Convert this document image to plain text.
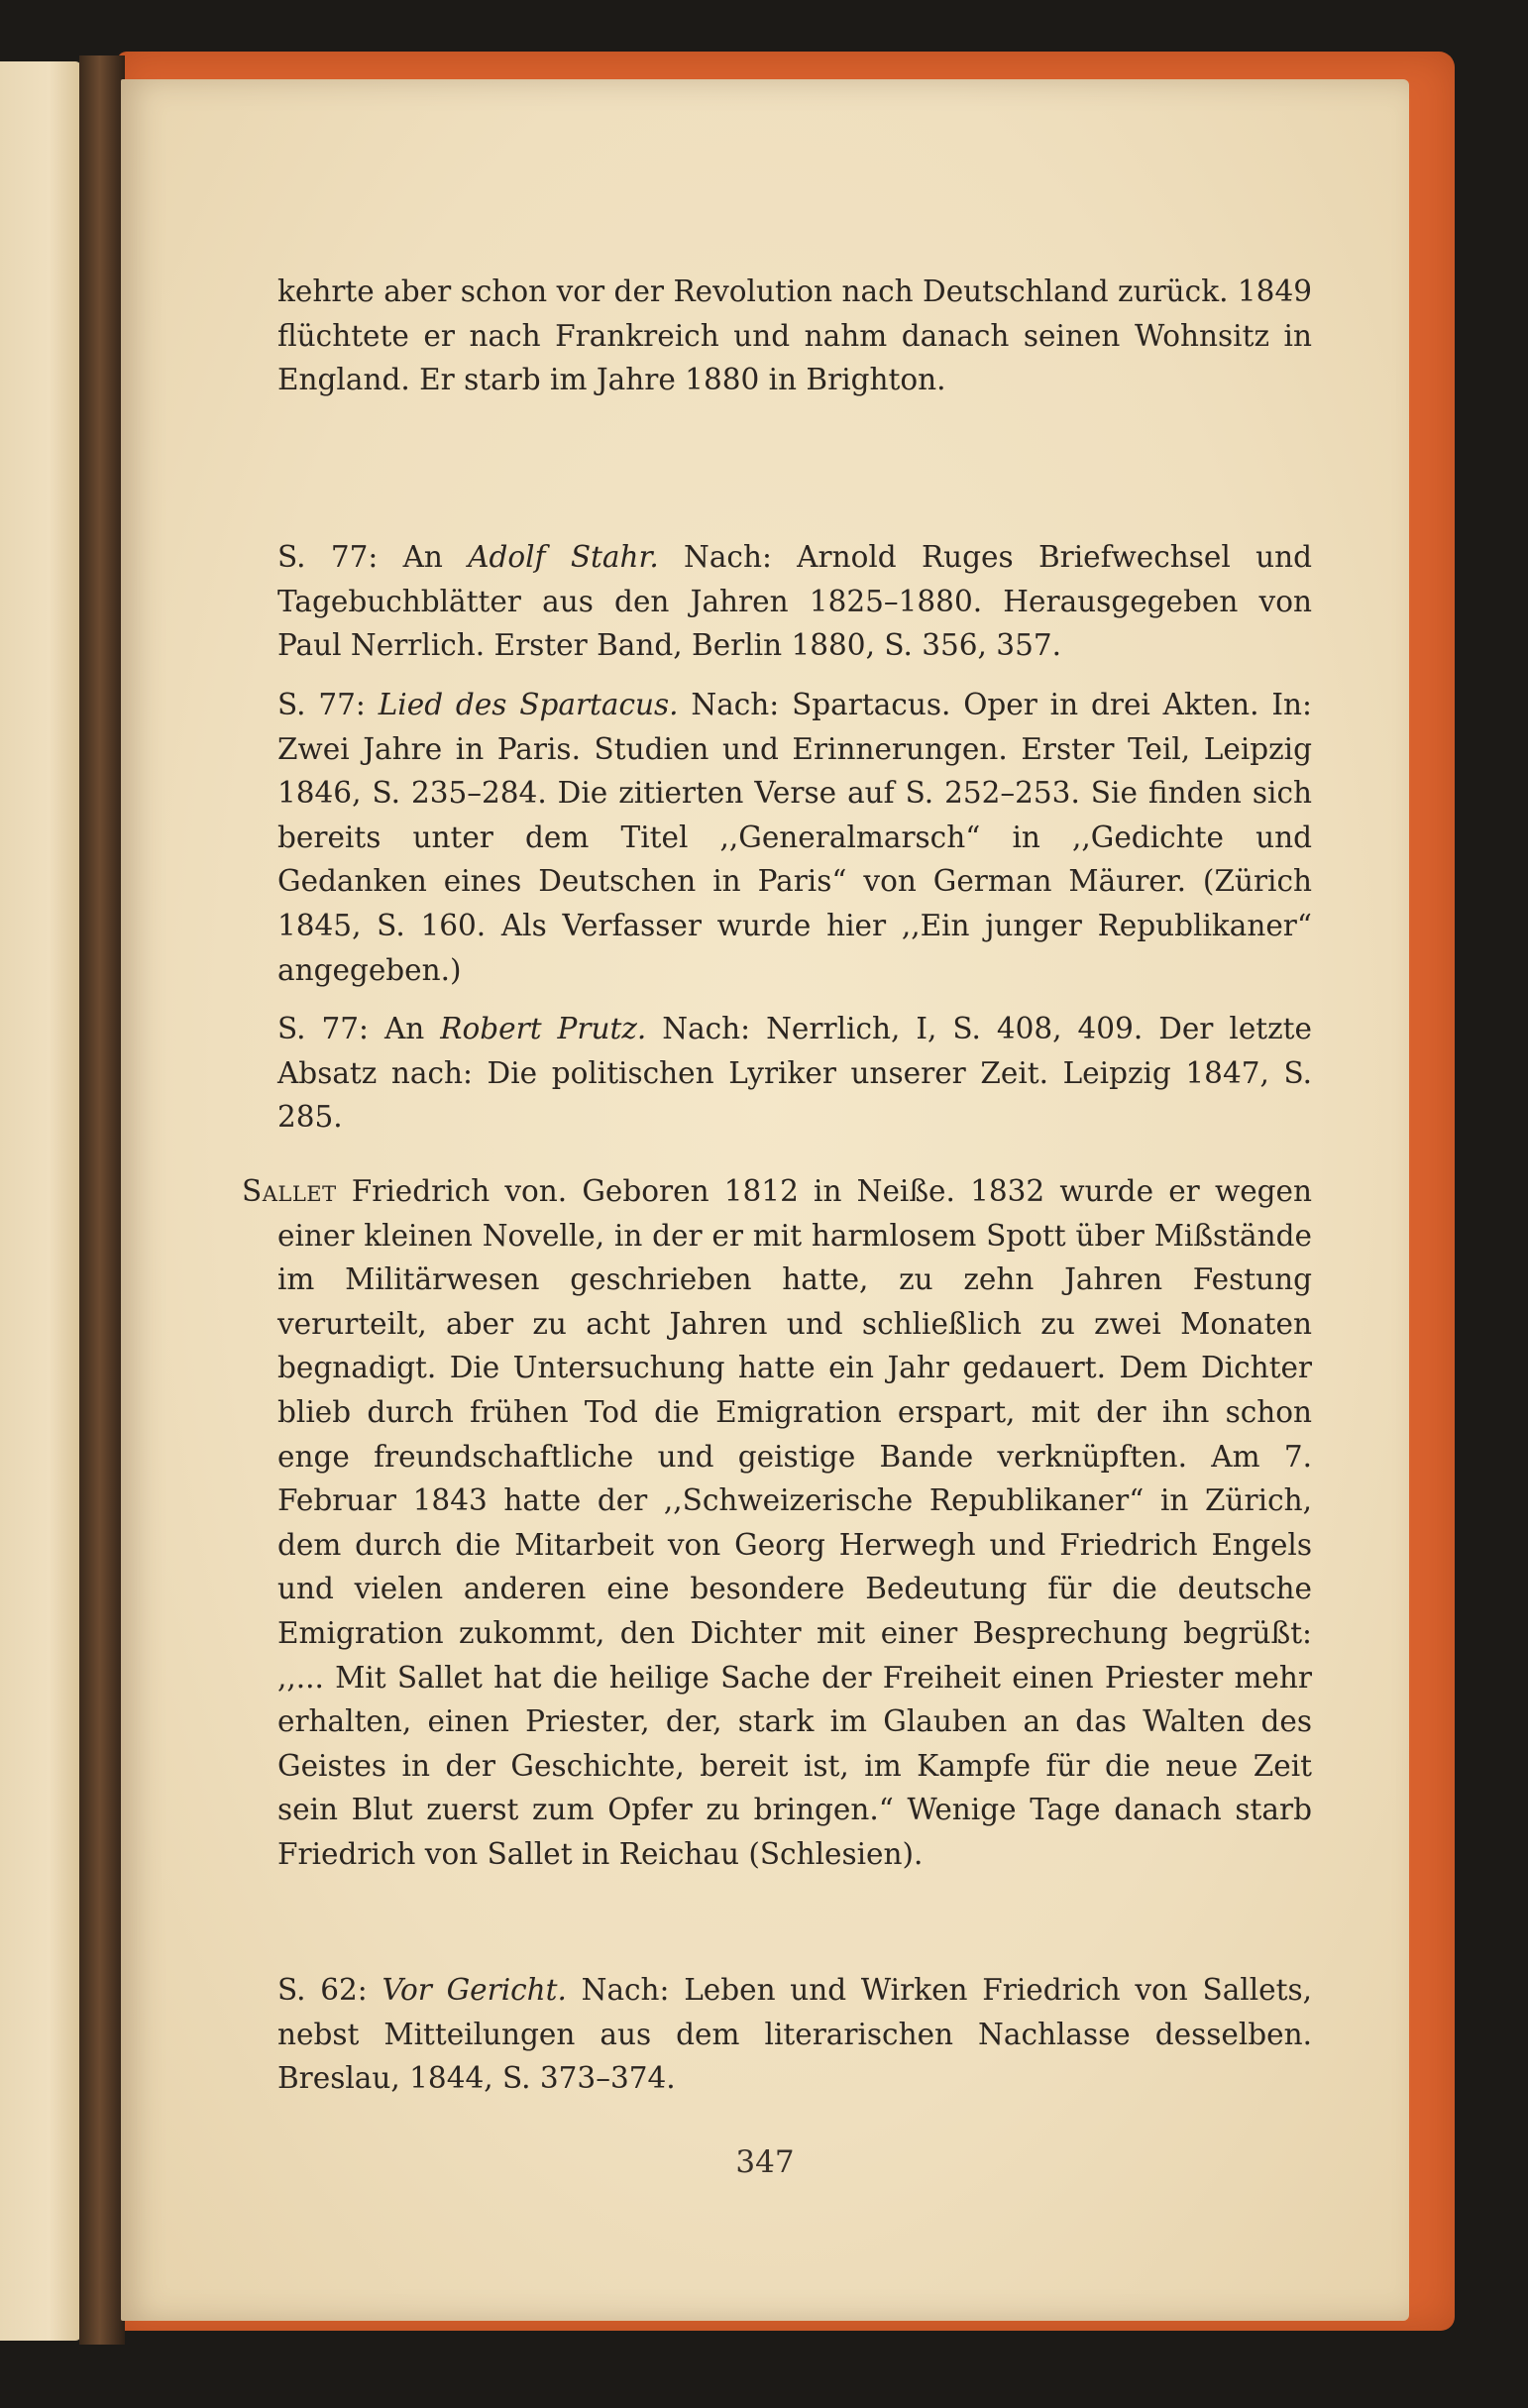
kehrte aber schon vor der Revolution nach Deutschland zurück. 1849 flüchtete er nach Frankreich und nahm danach seinen Wohnsitz in England. Er starb im Jahre 1880 in Brighton.

S. 77: An Adolf Stahr. Nach: Arnold Ruges Briefwechsel und Tagebuchblätter aus den Jahren 1825–1880. Herausgegeben von Paul Nerrlich. Erster Band, Berlin 1880, S. 356, 357.

S. 77: Lied des Spartacus. Nach: Spartacus. Oper in drei Akten. In: Zwei Jahre in Paris. Studien und Erinnerungen. Erster Teil, Leipzig 1846, S. 235–284. Die zitierten Verse auf S. 252–253. Sie finden sich bereits unter dem Titel ,,Generalmarsch“ in ,,Gedichte und Gedanken eines Deutschen in Paris“ von German Mäurer. (Zürich 1845, S. 160. Als Verfasser wurde hier ,,Ein junger Republikaner“ angegeben.)

S. 77: An Robert Prutz. Nach: Nerrlich, I, S. 408, 409. Der letzte Absatz nach: Die politischen Lyriker unserer Zeit. Leipzig 1847, S. 285.

Sallet Friedrich von. Geboren 1812 in Neiße. 1832 wurde er wegen einer kleinen Novelle, in der er mit harmlosem Spott über Mißstände im Militärwesen geschrieben hatte, zu zehn Jahren Festung verurteilt, aber zu acht Jahren und schließlich zu zwei Monaten begnadigt. Die Untersuchung hatte ein Jahr gedauert. Dem Dichter blieb durch frühen Tod die Emigration erspart, mit der ihn schon enge freundschaftliche und geistige Bande verknüpften. Am 7. Februar 1843 hatte der ,,Schweizerische Republikaner“ in Zürich, dem durch die Mitarbeit von Georg Herwegh und Friedrich Engels und vielen anderen eine besondere Bedeutung für die deutsche Emigration zukommt, den Dichter mit einer Besprechung begrüßt: ,,... Mit Sallet hat die heilige Sache der Freiheit einen Priester mehr erhalten, einen Priester, der, stark im Glauben an das Walten des Geistes in der Geschichte, bereit ist, im Kampfe für die neue Zeit sein Blut zuerst zum Opfer zu bringen.“ Wenige Tage danach starb Friedrich von Sallet in Reichau (Schlesien).

S. 62: Vor Gericht. Nach: Leben und Wirken Friedrich von Sallets, nebst Mitteilungen aus dem literarischen Nachlasse desselben. Breslau, 1844, S. 373–374.

347
